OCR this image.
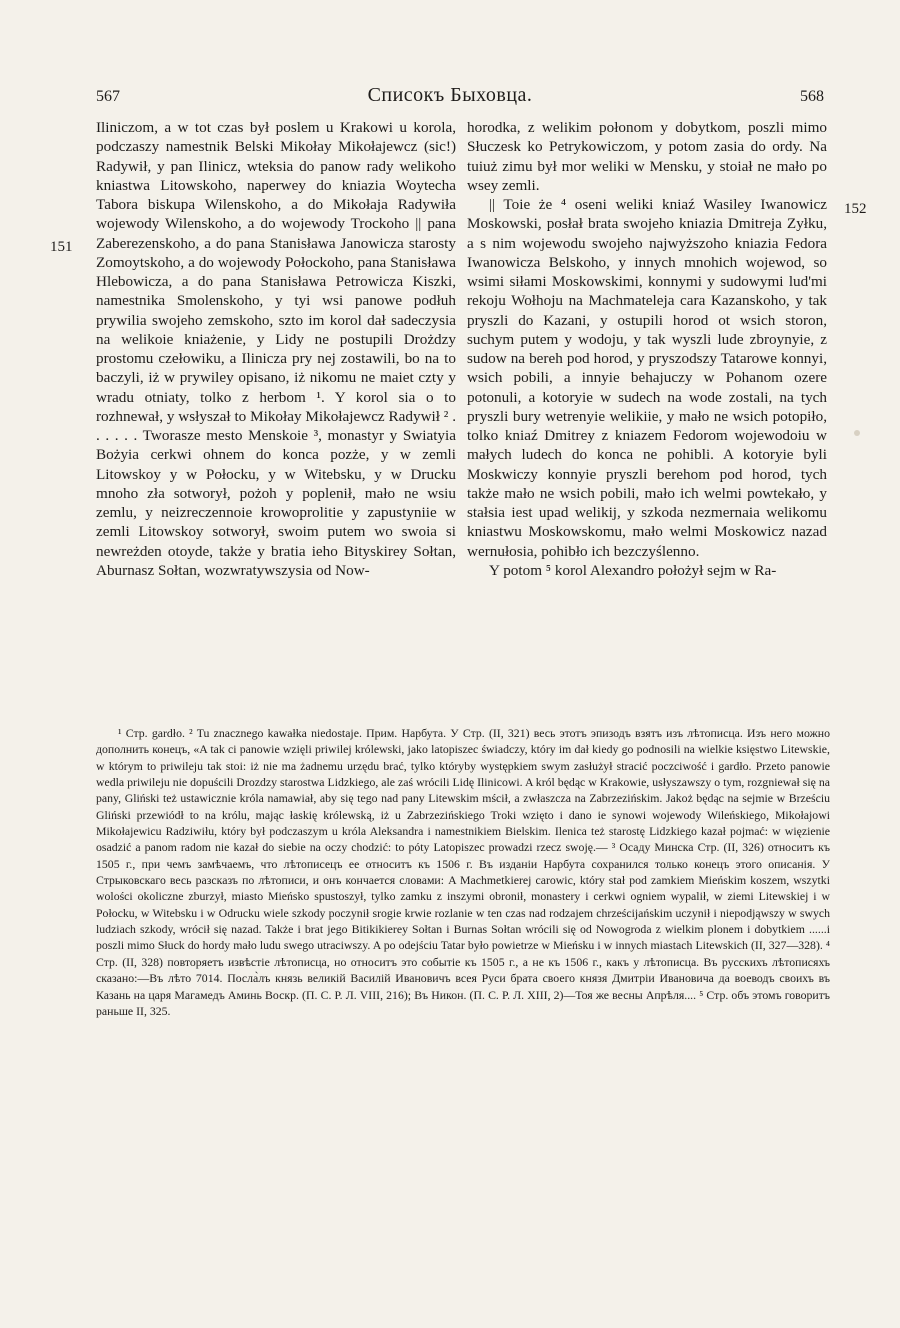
567	Списокъ Быховца.	568
151
152

Iliniczom, a w tot czas był poslem u Krakowi u korola, podczaszy namestnik Belski Mikołay Mikołajewcz (sic!) Radywił, y pan Ilinicz, wteksia do panow rady welikoho kniastwa Litowskoho, naperwey do kniazia Woytecha Tabora biskupa Wilenskoho, a do Mikołaja Radywiła wojewody Wilenskoho, a do wojewody Trockoho || pana Zaberezenskoho, a do pana Stanisława Janowicza starosty Zomoytskoho, a do wojewody Połockoho, pana Stanisława Hlebowicza, a do pana Stanisława Petrowicza Kiszki, namestnika Smolenskoho, y tyi wsi panowe podłuh prywilia swojeho zemskoho, szto im korol dał sadeczysia na welikoie kniażenie, y Lidy ne postupili Drożdzy prostomu czełowiku, a Ilinicza pry nej zostawili, bo na to baczyli, iż w prywiley opisano, iż nikomu ne maiet czty y wradu otniaty, tolko z herbom ¹. Y korol sia o to rozhnewał, y wsłyszał to Mikołay Mikołajewcz Radywił ² . . . . . . Tworasze mesto Menskoie ³, monastyr y Swiatyia Bożyia cerkwi ohnem do konca pozże, y w zemli Litowskoy y w Połocku, y w Witebsku, y w Drucku mnoho zła sotworył, pożoh y poplenił, mało ne wsiu zemlu, y neizreczennoie krowoprolitie y zapustyniie w zemli Litowskoy sotworył, swoim putem wo swoia si newreżden otoyde, także y bratia ieho Bityskirey Sołtan, Aburnasz Sołtan, wozwratywszysia od Now-

horodka, z welikim połonom y dobytkom, poszli mimo Słuczesk ko Petrykowiczom, y potom zasia do ordy. Na tuiuż zimu był mor weliki w Mensku, y stoiał ne mało po wsey zemli.

|| Toie że ⁴ oseni weliki kniaź Wasiley Iwanowicz Moskowski, posłał brata swojeho kniazia Dmitreja Zyłku, a s nim wojewodu swojeho najwyższoho kniazia Fedora Iwanowicza Belskoho, y innych mnohich wojewod, so wsimi siłami Moskowskimi, konnymi y sudowymi lud'mi rekoju Wołhoju na Machmateleja cara Kazanskoho, y tak pryszli do Kazani, y ostupili horod ot wsich storon, suchym putem y wodoju, y tak wyszli lude zbroynyie, z sudow na bereh pod horod, y pryszodszy Tatarowe konnyi, wsich pobili, a innyie behajuczy w Pohanom ozere potonuli, a kotoryie w sudech na wode zostali, na tych pryszli bury wetrenyie welikiie, y mało ne wsich potopiło, tolko kniaź Dmitrey z kniazem Fedorom wojewodoiu w małych ludech do konca ne pohibli. A kotoryie byli Moskwiczy konnyie pryszli berehom pod horod, tych także mało ne wsich pobili, mało ich welmi powtekało, y stałsia iest upad welikij, y szkoda nezmernaia welikomu kniastwu Moskowskomu, mało welmi Moskowicz nazad wernułosia, pohibło ich bezczyślenno.

Y potom ⁵ korol Alexandro położył sejm w Ra-

¹ Стр. gardło. ² Tu znacznego kawałka niedostaje. Прим. Нарбута. У Стр. (II, 321) весь этотъ эпизодъ взятъ изъ лѣтописца. Изъ него можно дополнить конецъ, «A tak ci panowie wzięli priwilej królewski, jako latopiszec świadczy, który im dał kiedy go podnosili na wielkie księstwo Litewskie, w którym to priwileju tak stoi: iż nie ma żadnemu urzędu brać, tylko któryby występkiem swym zasłużył stracić poczciwość i gardło. Przeto panowie wedla priwileju nie dopuścili Drozdzy starostwa Lidzkiego, ale zaś wrócili Lidę Ilinicowi. A król będąc w Krakowie, usłyszawszy o tym, rozgniewał się na pany, Gliński też ustawicznie króla namawiał, aby się tego nad pany Litewskim mścił, a zwłaszcza na Zabrzezińskim. Jakoż będąc na sejmie w Brześciu Gliński przewiódł to na królu, mając łaskię królewską, iż u Zabrzezińskiego Troki wzięto i dano ie synowi wojewody Wileńskiego, Mikołajowi Mikołajewicu Radziwiłu, który był podczaszym u króla Aleksandra i namestnikiem Bielskim. Ilenica też starostę Lidzkiego kazał pojmać: w więzienie osadzić a panom radom nie kazał do siebie na oczy chodzić: to póty Latopiszec prowadzi rzecz swoję.— ³ Осаду Минска Стр. (II, 326) относитъ къ 1505 г., при чемъ замѣчаемъ, что лѣтописецъ ее относитъ къ 1506 г. Въ изданіи Нарбута сохранился только конецъ этого описанія. У Стрыковскаго весь разсказъ по лѣтописи, и онъ кончается словами: A Machmetkierej carowic, który stał pod zamkiem Mieńskim koszem, wszytki wolości okoliczne zburzył, miasto Mieńsko spustoszył, tylko zamku z inszymi obronił, monastery i cerkwi ogniem wypalił, w ziemi Litewskiej i w Połocku, w Witebsku i w Odrucku wiele szkody poczynił srogie krwie rozlanie w ten czas nad rodzajem chrześcijańskim uczynił i niepodjąwszy w swych ludziach szkody, wrócił się nazad. Także i brat jego Bitikikierey Sołtan i Burnas Sołtan wrócili się od Nowogroda z wielkim plonem i dobytkiem ......i poszli mimo Słuck do hordy mało ludu swego utraciwszy. A po odejściu Tatar było powietrze w Mieńsku i w innych miastach Litewskich (II, 327—328). ⁴ Стр. (II, 328) повторяетъ извѣстіе лѣтописца, но относитъ это событіе къ 1505 г., а не къ 1506 г., какъ у лѣтописца. Въ русскихъ лѣтописяхъ сказано:—Въ лѣто 7014. Посла̀лъ князь великій Василій Ивановичъ всея Руси брата своего князя Дмитріи Ивановича да воеводъ своихъ въ Казань на царя Магамедъ Аминь Воскр. (П. С. Р. Л. VIII, 216); Въ Никон. (П. С. Р. Л. XIII, 2)—Тоя же весны Апрѣля.... ⁵ Стр. объ этомъ говоритъ раньше II, 325.
